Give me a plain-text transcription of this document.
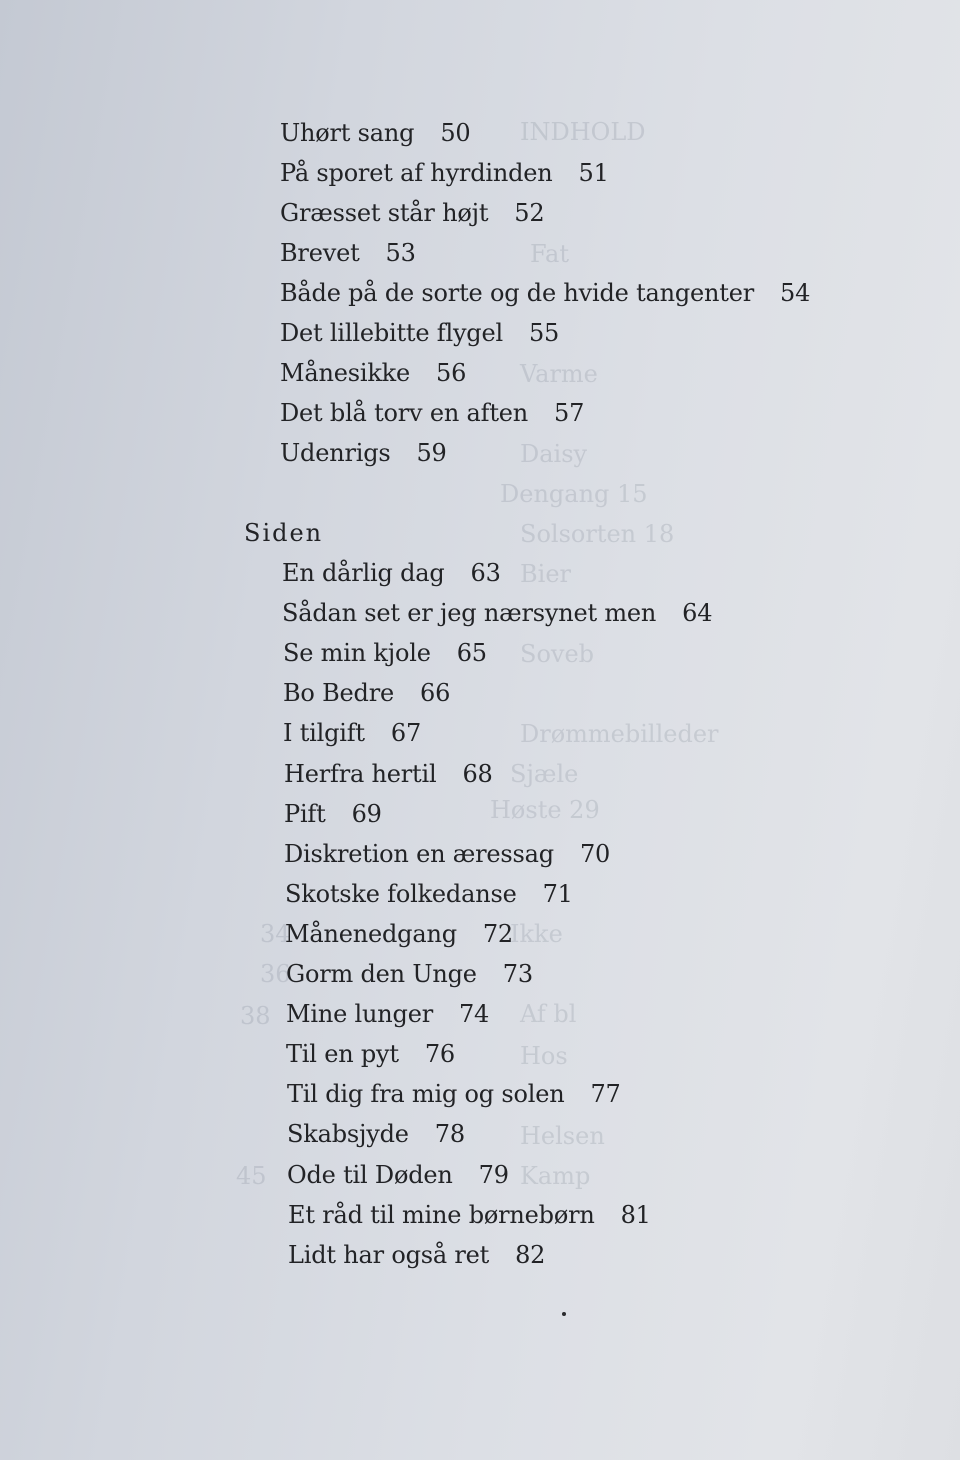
INDHOLD
Fat
Varme
Daisy
Dengang 15
Solsorten 18
Bier
Soveb
Drømmebilleder
Sjæle
Høste 29
34	Ikke
36
38	Af bl
Hos
Helsen
45	Kamp
Uhørt sang 50
På sporet af hyrdinden 51
Græsset står højt 52
Brevet 53
Både på de sorte og de hvide tangenter 54
Det lillebitte flygel 55
Månesikke 56
Det blå torv en aften 57
Udenrigs 59
Siden
En dårlig dag 63
Sådan set er jeg nærsynet men 64
Se min kjole 65
Bo Bedre 66
I tilgift 67
Herfra hertil 68
Pift 69
Diskretion en æressag 70
Skotske folkedanse 71
Månenedgang 72
Gorm den Unge 73
Mine lunger 74
Til en pyt 76
Til dig fra mig og solen 77
Skabsjyde 78
Ode til Døden 79
Et råd til mine børnebørn 81
Lidt har også ret 82
